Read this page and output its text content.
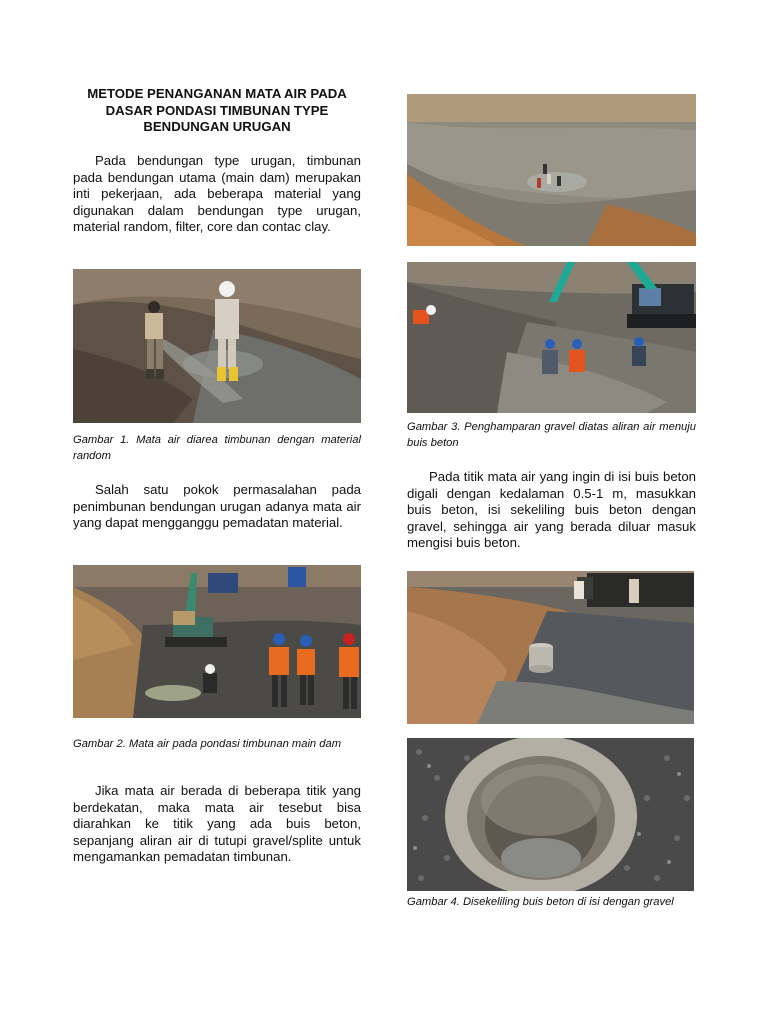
METODE PENANGANAN MATA AIR PADA DASAR PONDASI TIMBUNAN TYPE BENDUNGAN URUGAN

Pada bendungan type urugan, timbunan pada bendungan utama (main dam) merupakan inti pekerjaan, ada beberapa material yang digunakan dalam bendungan type urugan, material random, filter, core dan contac clay.

Gambar 1. Mata air diarea timbunan dengan material random

Salah satu pokok permasalahan pada penimbunan bendungan urugan adanya mata air yang dapat mengganggu pemadatan material.

Gambar 2. Mata air pada pondasi timbunan main dam

Jika mata air berada di beberapa titik yang berdekatan, maka mata air tesebut bisa diarahkan ke titik yang ada buis beton, sepanjang aliran air di tutupi gravel/splite untuk mengamankan pemadatan timbunan.

Gambar 3. Penghamparan gravel diatas aliran air menuju buis beton

Pada titik mata air yang ingin di isi buis beton digali dengan kedalaman 0.5-1 m, masukkan buis beton, isi sekeliling buis beton dengan gravel, sehingga air yang berada diluar masuk mengisi buis beton.

Gambar 4. Disekeliling buis beton di isi dengan gravel
